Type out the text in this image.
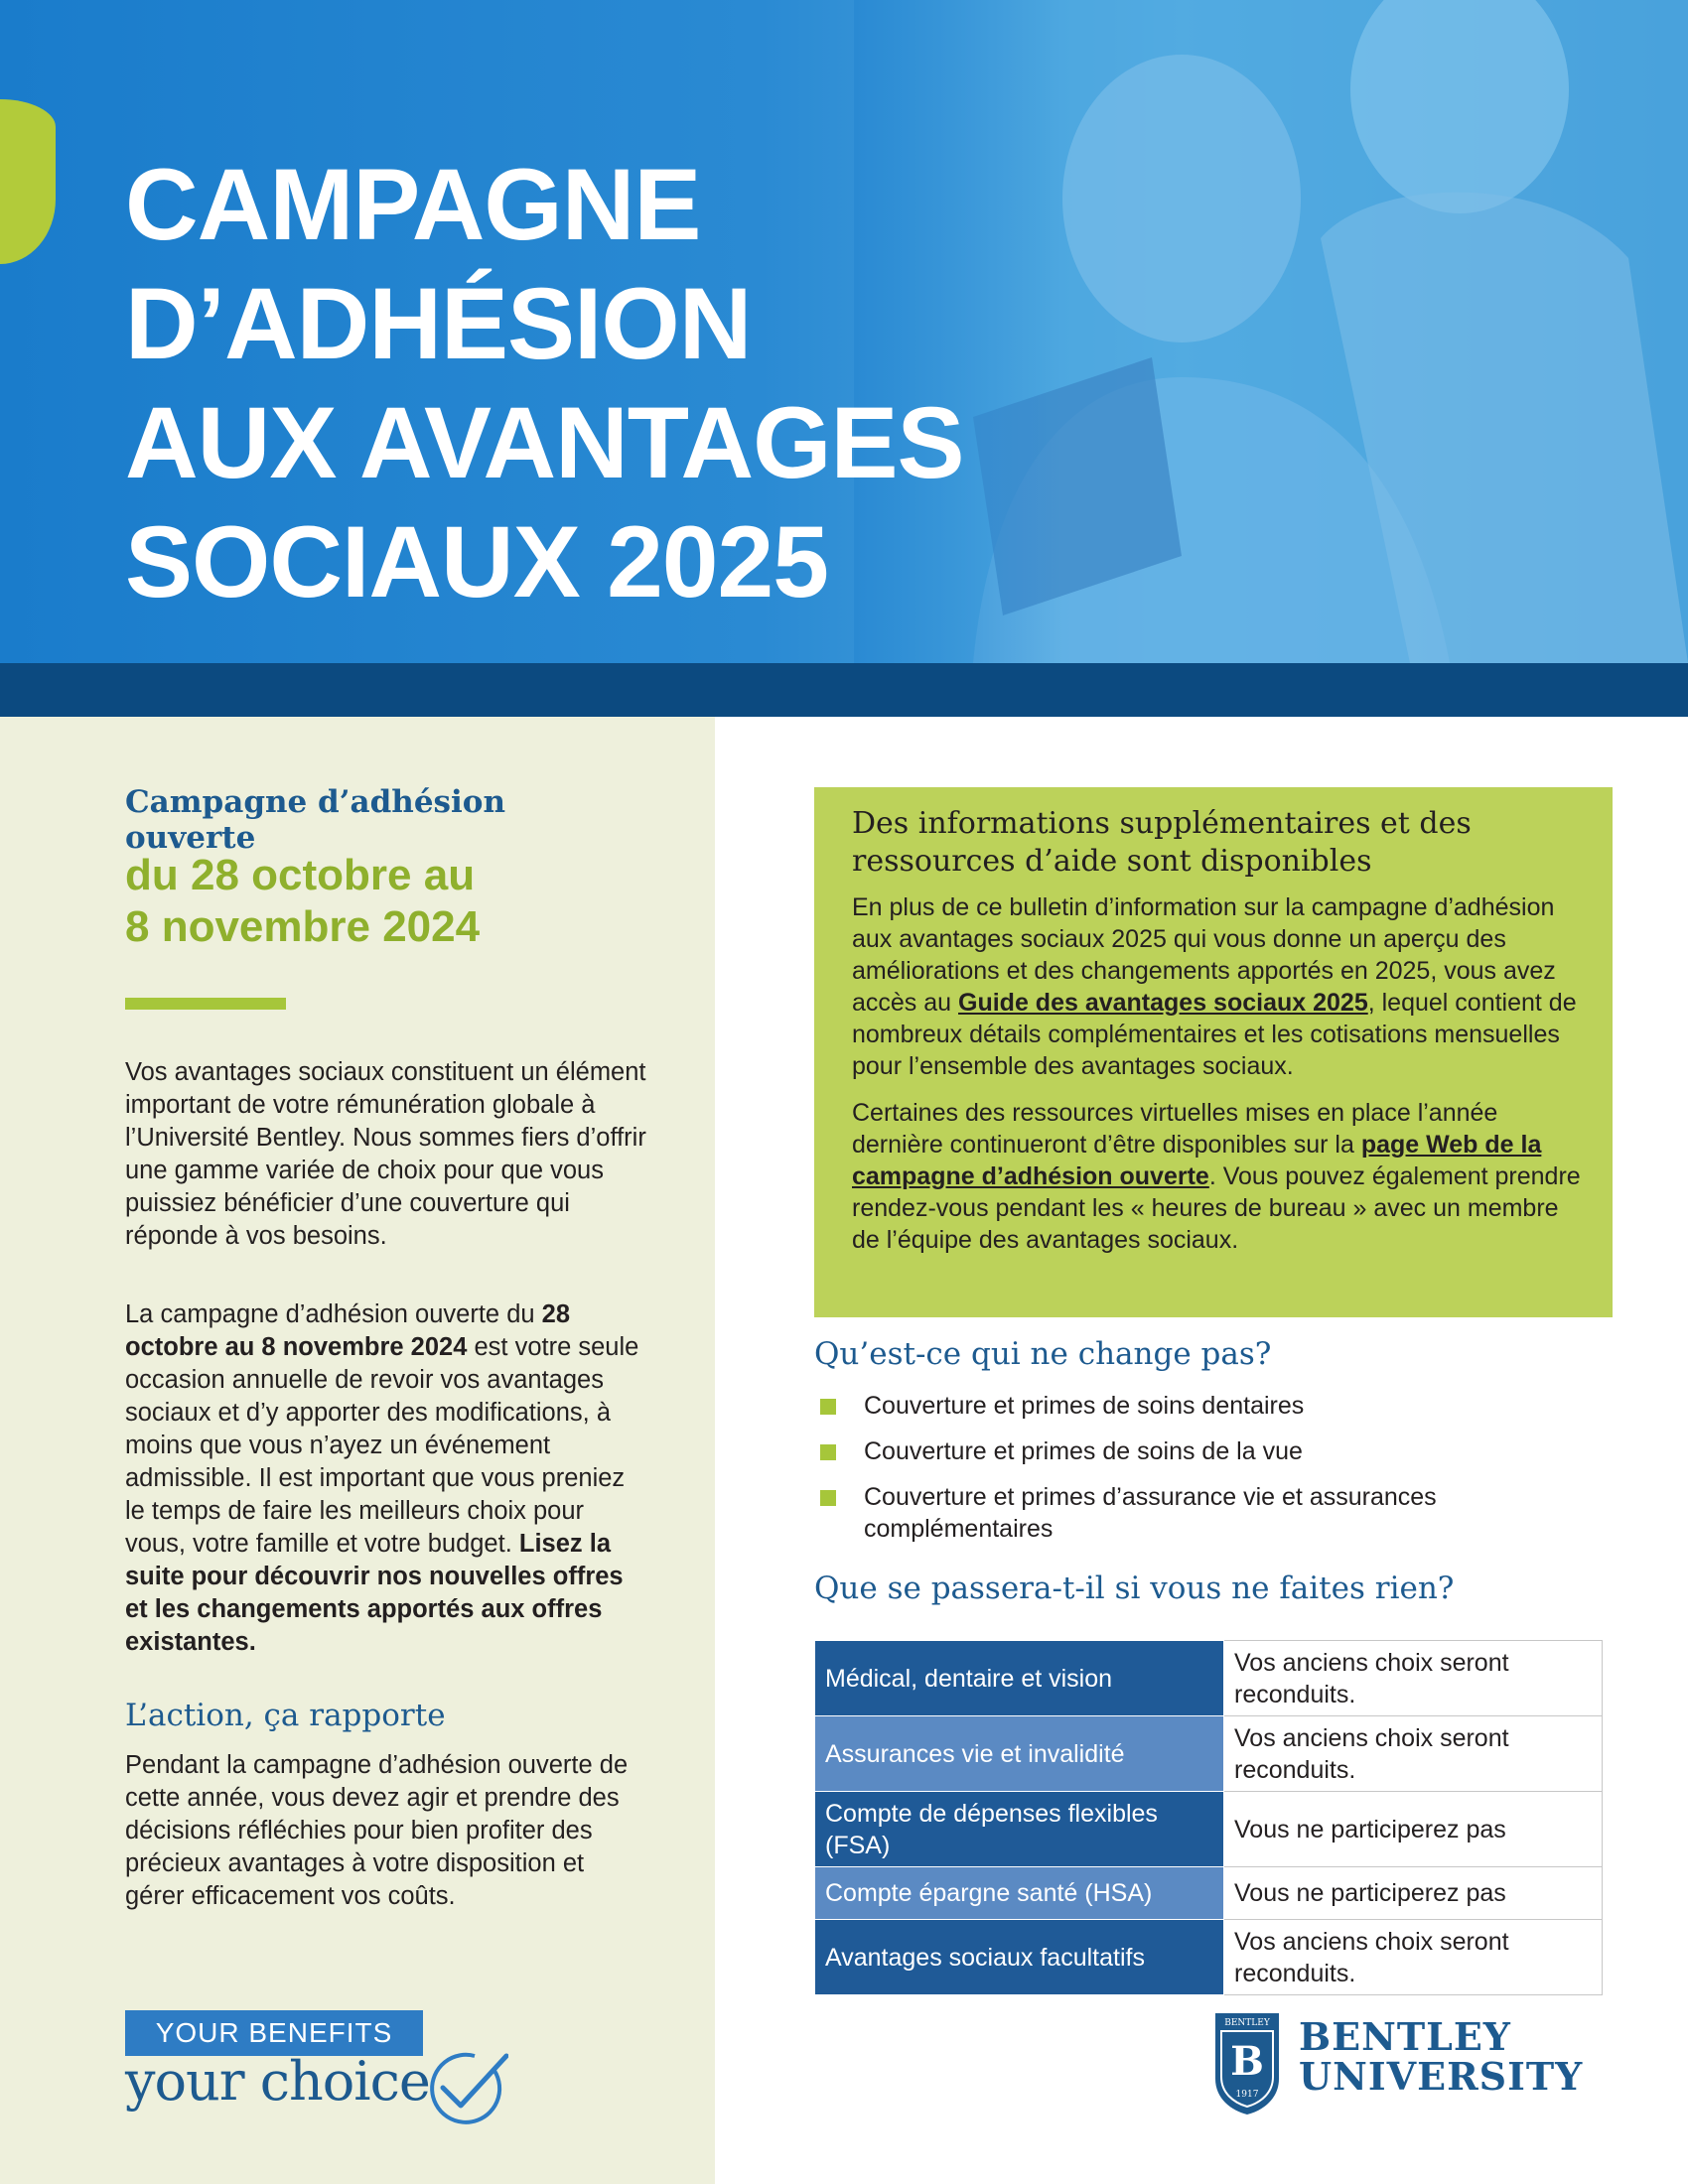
CAMPAGNE
D’ADHÉSION
AUX AVANTAGES
SOCIAUX 2025
Campagne d’adhésion ouverte

du 28 octobre au
8 novembre 2024

Vos avantages sociaux constituent un élément important de votre rémunération globale à l’Université Bentley. Nous sommes fiers d’offrir une gamme variée de choix pour que vous puissiez bénéficier d’une couverture qui réponde à vos besoins.

La campagne d’adhésion ouverte du 28 octobre au 8 novembre 2024 est votre seule occasion annuelle de revoir vos avantages sociaux et d’y apporter des modifications, à moins que vous n’ayez un événement admissible. Il est important que vous preniez le temps de faire les meilleurs choix pour vous, votre famille et votre budget. Lisez la suite pour découvrir nos nouvelles offres et les changements apportés aux offres existantes.

L’action, ça rapporte

Pendant la campagne d’adhésion ouverte de cette année, vous devez agir et prendre des décisions réfléchies pour bien profiter des précieux avantages à votre disposition et gérer efficacement vos coûts.

YOUR BENEFITS
your choice
Des informations supplémentaires et des ressources d’aide sont disponibles

En plus de ce bulletin d’information sur la campagne d’adhésion aux avantages sociaux 2025 qui vous donne un aperçu des améliorations et des changements apportés en 2025, vous avez accès au Guide des avantages sociaux 2025, lequel contient de nombreux détails complémentaires et les cotisations mensuelles pour l’ensemble des avantages sociaux.

Certaines des ressources virtuelles mises en place l’année dernière continueront d’être disponibles sur la page Web de la campagne d’adhésion ouverte. Vous pouvez également prendre rendez-vous pendant les « heures de bureau » avec un membre de l’équipe des avantages sociaux.

Qu’est-ce qui ne change pas?
Couverture et primes de soins dentaires
Couverture et primes de soins de la vue
Couverture et primes d’assurance vie et assurances complémentaires
Que se passera-t-il si vous ne faites rien?
Médical, dentaire et vision	Vos anciens choix seront reconduits.
Assurances vie et invalidité	Vos anciens choix seront reconduits.
Compte de dépenses flexibles (FSA)	Vous ne participerez pas
Compte épargne santé (HSA)	Vous ne participerez pas
Avantages sociaux facultatifs	Vos anciens choix seront reconduits.
BENTLEY
B
1917
BENTLEY
UNIVERSITY
